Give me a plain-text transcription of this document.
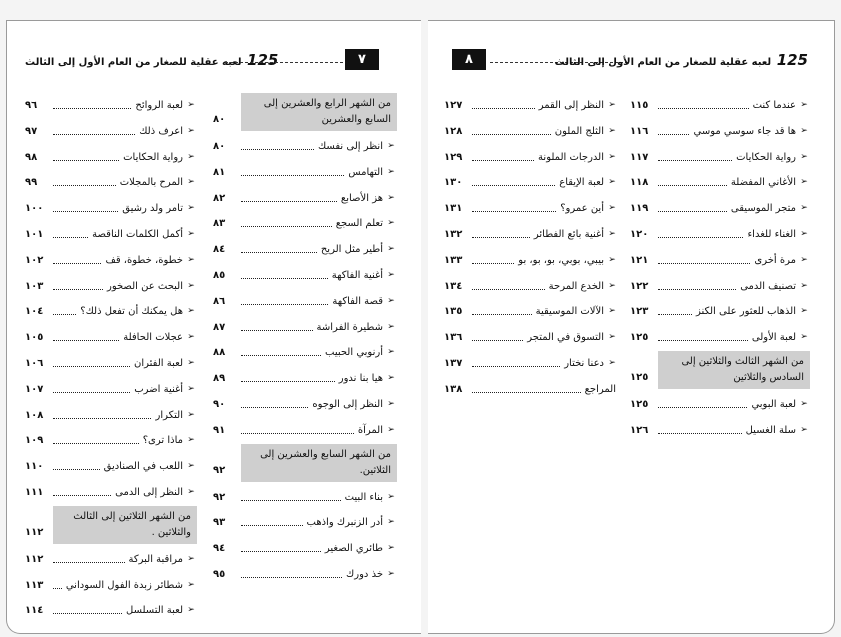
125 لعبه عقلية للصغار من العام الأول إلى الثالث	٧
من الشهر الرابع والعشرين إلى السابع والعشرين
٨٠
➢
انظر إلى نفسك
٨٠
➢
التهامس
٨١
➢
هز الأصابع
٨٢
➢
تعلم السجع
٨٣
➢
أطير مثل الريح
٨٤
➢
أغنية الفاكهة
٨٥
➢
قصة الفاكهة
٨٦
➢
شطيرة الفراشة
٨٧
➢
أرنوبي الحبيب
٨٨
➢
هيا بنا ندور
٨٩
➢
النظر إلى الوجوه
٩٠
➢
المرآة
٩١
من الشهر السابع والعشرين إلى الثلاثين.
٩٢
➢
بناء البيت
٩٢
➢
أدر الزنبرك واذهب
٩٣
➢
طائري الصغير
٩٤
➢
خذ دورك
٩٥
➢
لعبة الروائح
٩٦
➢
اعرف ذلك
٩٧
➢
رواية الحكايات
٩٨
➢
المرح بالمجلات
٩٩
➢
تامر ولد رشيق
١٠٠
➢
أكمل الكلمات الناقصة
١٠١
➢
خطوة، خطوة، قف
١٠٢
➢
البحث عن الصخور
١٠٣
➢
هل يمكنك أن تفعل ذلك؟
١٠٤
➢
عجلات الحافلة
١٠٥
➢
لعبة الفئران
١٠٦
➢
أغنية اضرب
١٠٧
➢
التكرار
١٠٨
➢
ماذا ترى؟
١٠٩
➢
اللعب في الصناديق
١١٠
➢
النظر إلى الدمى
١١١
من الشهر الثلاثين إلى الثالث والثلاثين .
١١٢
➢
مراقبة البركة
١١٢
➢
شطائر زبدة الفول السوداني
١١٣
➢
لعبة التسلسل
١١٤
٨	125 لعبه عقلية للصغار من العام الأول إلى الثالث
➢
عندما كنت
١١٥
➢
ها قد جاء سوسي موسي
١١٦
➢
رواية الحكايات
١١٧
➢
الأغاني المفضلة
١١٨
➢
متجر الموسيقى
١١٩
➢
الغناء للغداء
١٢٠
➢
مرة أخرى
١٢١
➢
تصنيف الدمى
١٢٢
➢
الذهاب للعثور على الكنز
١٢٣
➢
لعبة الأولى
١٢٥
من الشهر الثالث والثلاثين إلى السادس والثلاثين
١٢٥
➢
لعبة البوبي
١٢٥
➢
سلة الغسيل
١٢٦
➢
النظر إلى القمر
١٢٧
➢
الثلج الملون
١٢٨
➢
الدرجات الملونة
١٢٩
➢
لعبة الإيقاع
١٣٠
➢
أين عمرو؟
١٣١
➢
أغنية بائع الفطائر
١٣٢
➢
بيبي، بوبي، بو، بو، بو
١٣٣
➢
الخدع المرحة
١٣٤
➢
الآلات الموسيقية
١٣٥
➢
التسوق في المتجر
١٣٦
➢
دعنا نختار
١٣٧
المراجع
١٣٨
